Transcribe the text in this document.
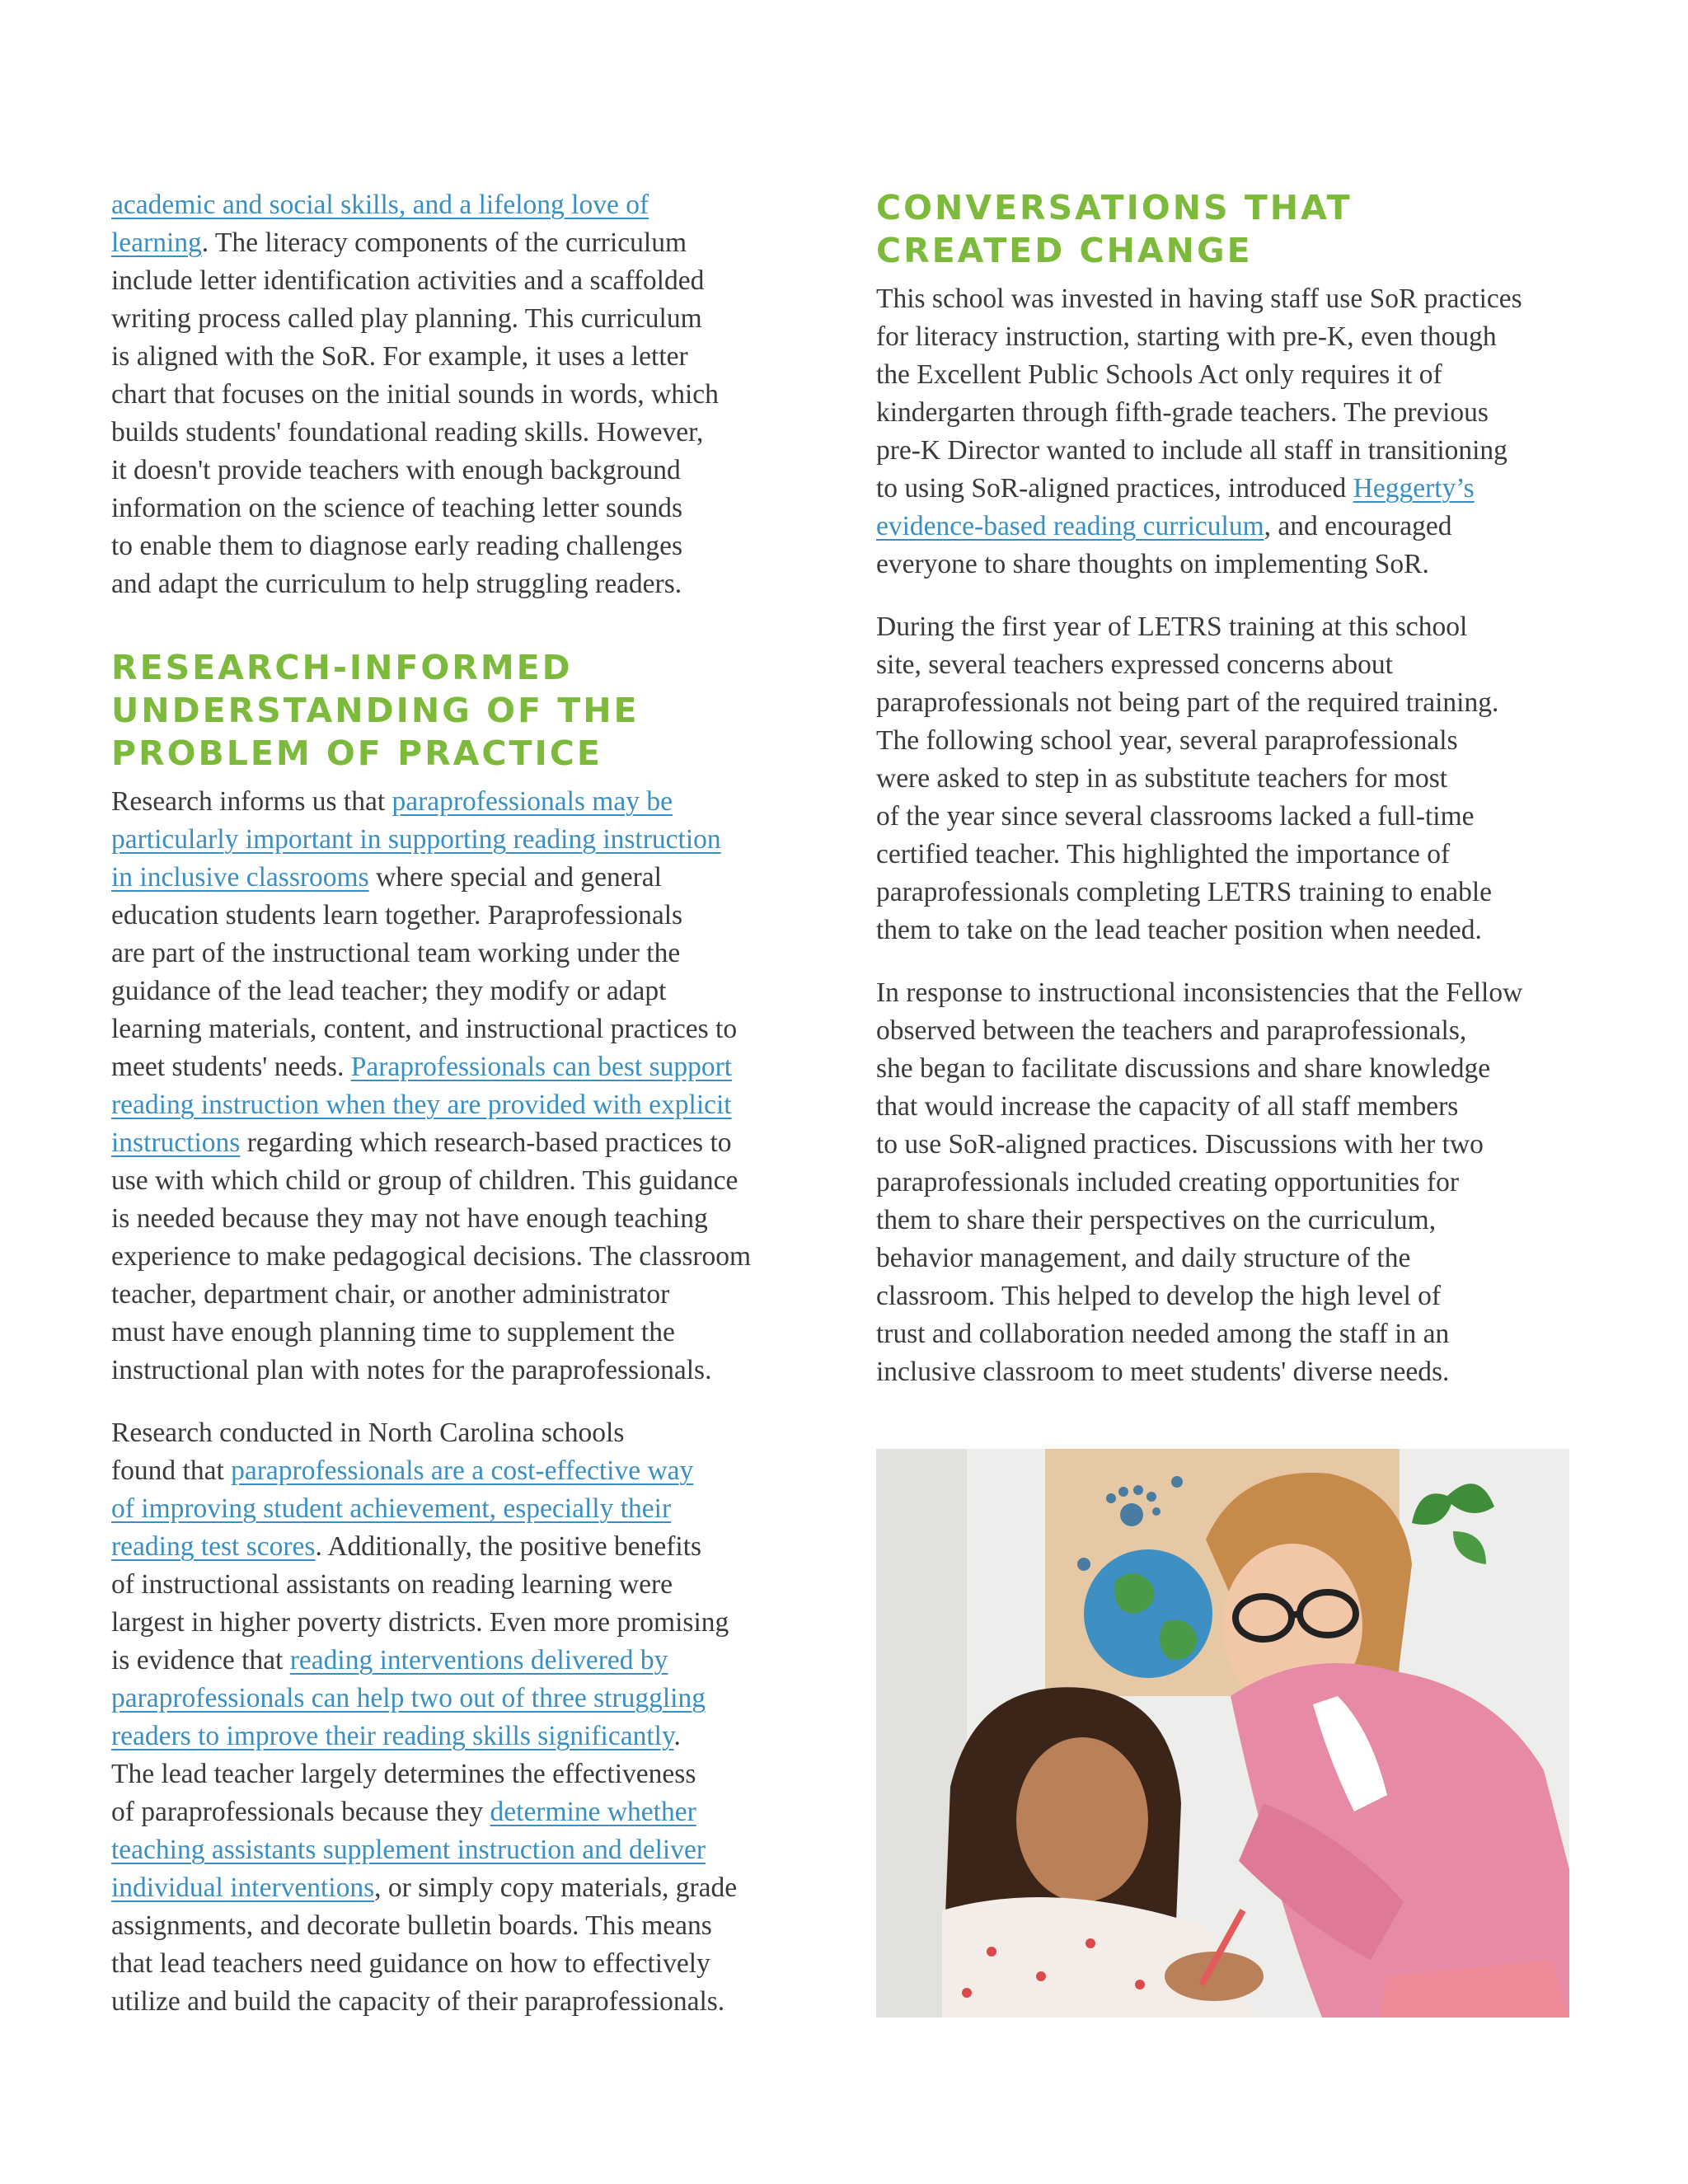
academic and social skills, and a lifelong love of
learning. The literacy components of the curriculum
include letter identification activities and a scaffolded
writing process called play planning. This curriculum
is aligned with the SoR. For example, it uses a letter
chart that focuses on the initial sounds in words, which
builds students' foundational reading skills. However,
it doesn't provide teachers with enough background
information on the science of teaching letter sounds
to enable them to diagnose early reading challenges
and adapt the curriculum to help struggling readers.

RESEARCH-INFORMED
UNDERSTANDING OF THE
PROBLEM OF PRACTICE

Research informs us that paraprofessionals may be
particularly important in supporting reading instruction
in inclusive classrooms where special and general
education students learn together. Paraprofessionals
are part of the instructional team working under the
guidance of the lead teacher; they modify or adapt
learning materials, content, and instructional practices to
meet students' needs. Paraprofessionals can best support
reading instruction when they are provided with explicit
instructions regarding which research-based practices to
use with which child or group of children. This guidance
is needed because they may not have enough teaching
experience to make pedagogical decisions. The classroom
teacher, department chair, or another administrator
must have enough planning time to supplement the
instructional plan with notes for the paraprofessionals.

Research conducted in North Carolina schools
found that paraprofessionals are a cost-effective way
of improving student achievement, especially their
reading test scores. Additionally, the positive benefits
of instructional assistants on reading learning were
largest in higher poverty districts. Even more promising
is evidence that reading interventions delivered by
paraprofessionals can help two out of three struggling
readers to improve their reading skills significantly.
The lead teacher largely determines the effectiveness
of paraprofessionals because they determine whether
teaching assistants supplement instruction and deliver
individual interventions, or simply copy materials, grade
assignments, and decorate bulletin boards. This means
that lead teachers need guidance on how to effectively
utilize and build the capacity of their paraprofessionals.

CONVERSATIONS THAT
CREATED CHANGE

This school was invested in having staff use SoR practices
for literacy instruction, starting with pre-K, even though
the Excellent Public Schools Act only requires it of
kindergarten through fifth-grade teachers. The previous
pre-K Director wanted to include all staff in transitioning
to using SoR-aligned practices, introduced Heggerty’s
evidence-based reading curriculum, and encouraged
everyone to share thoughts on implementing SoR.

During the first year of LETRS training at this school
site, several teachers expressed concerns about
paraprofessionals not being part of the required training.
The following school year, several paraprofessionals
were asked to step in as substitute teachers for most
of the year since several classrooms lacked a full-time
certified teacher. This highlighted the importance of
paraprofessionals completing LETRS training to enable
them to take on the lead teacher position when needed.

In response to instructional inconsistencies that the Fellow
observed between the teachers and paraprofessionals,
she began to facilitate discussions and share knowledge
that would increase the capacity of all staff members
to use SoR-aligned practices. Discussions with her two
paraprofessionals included creating opportunities for
them to share their perspectives on the curriculum,
behavior management, and daily structure of the
classroom. This helped to develop the high level of
trust and collaboration needed among the staff in an
inclusive classroom to meet students' diverse needs.
